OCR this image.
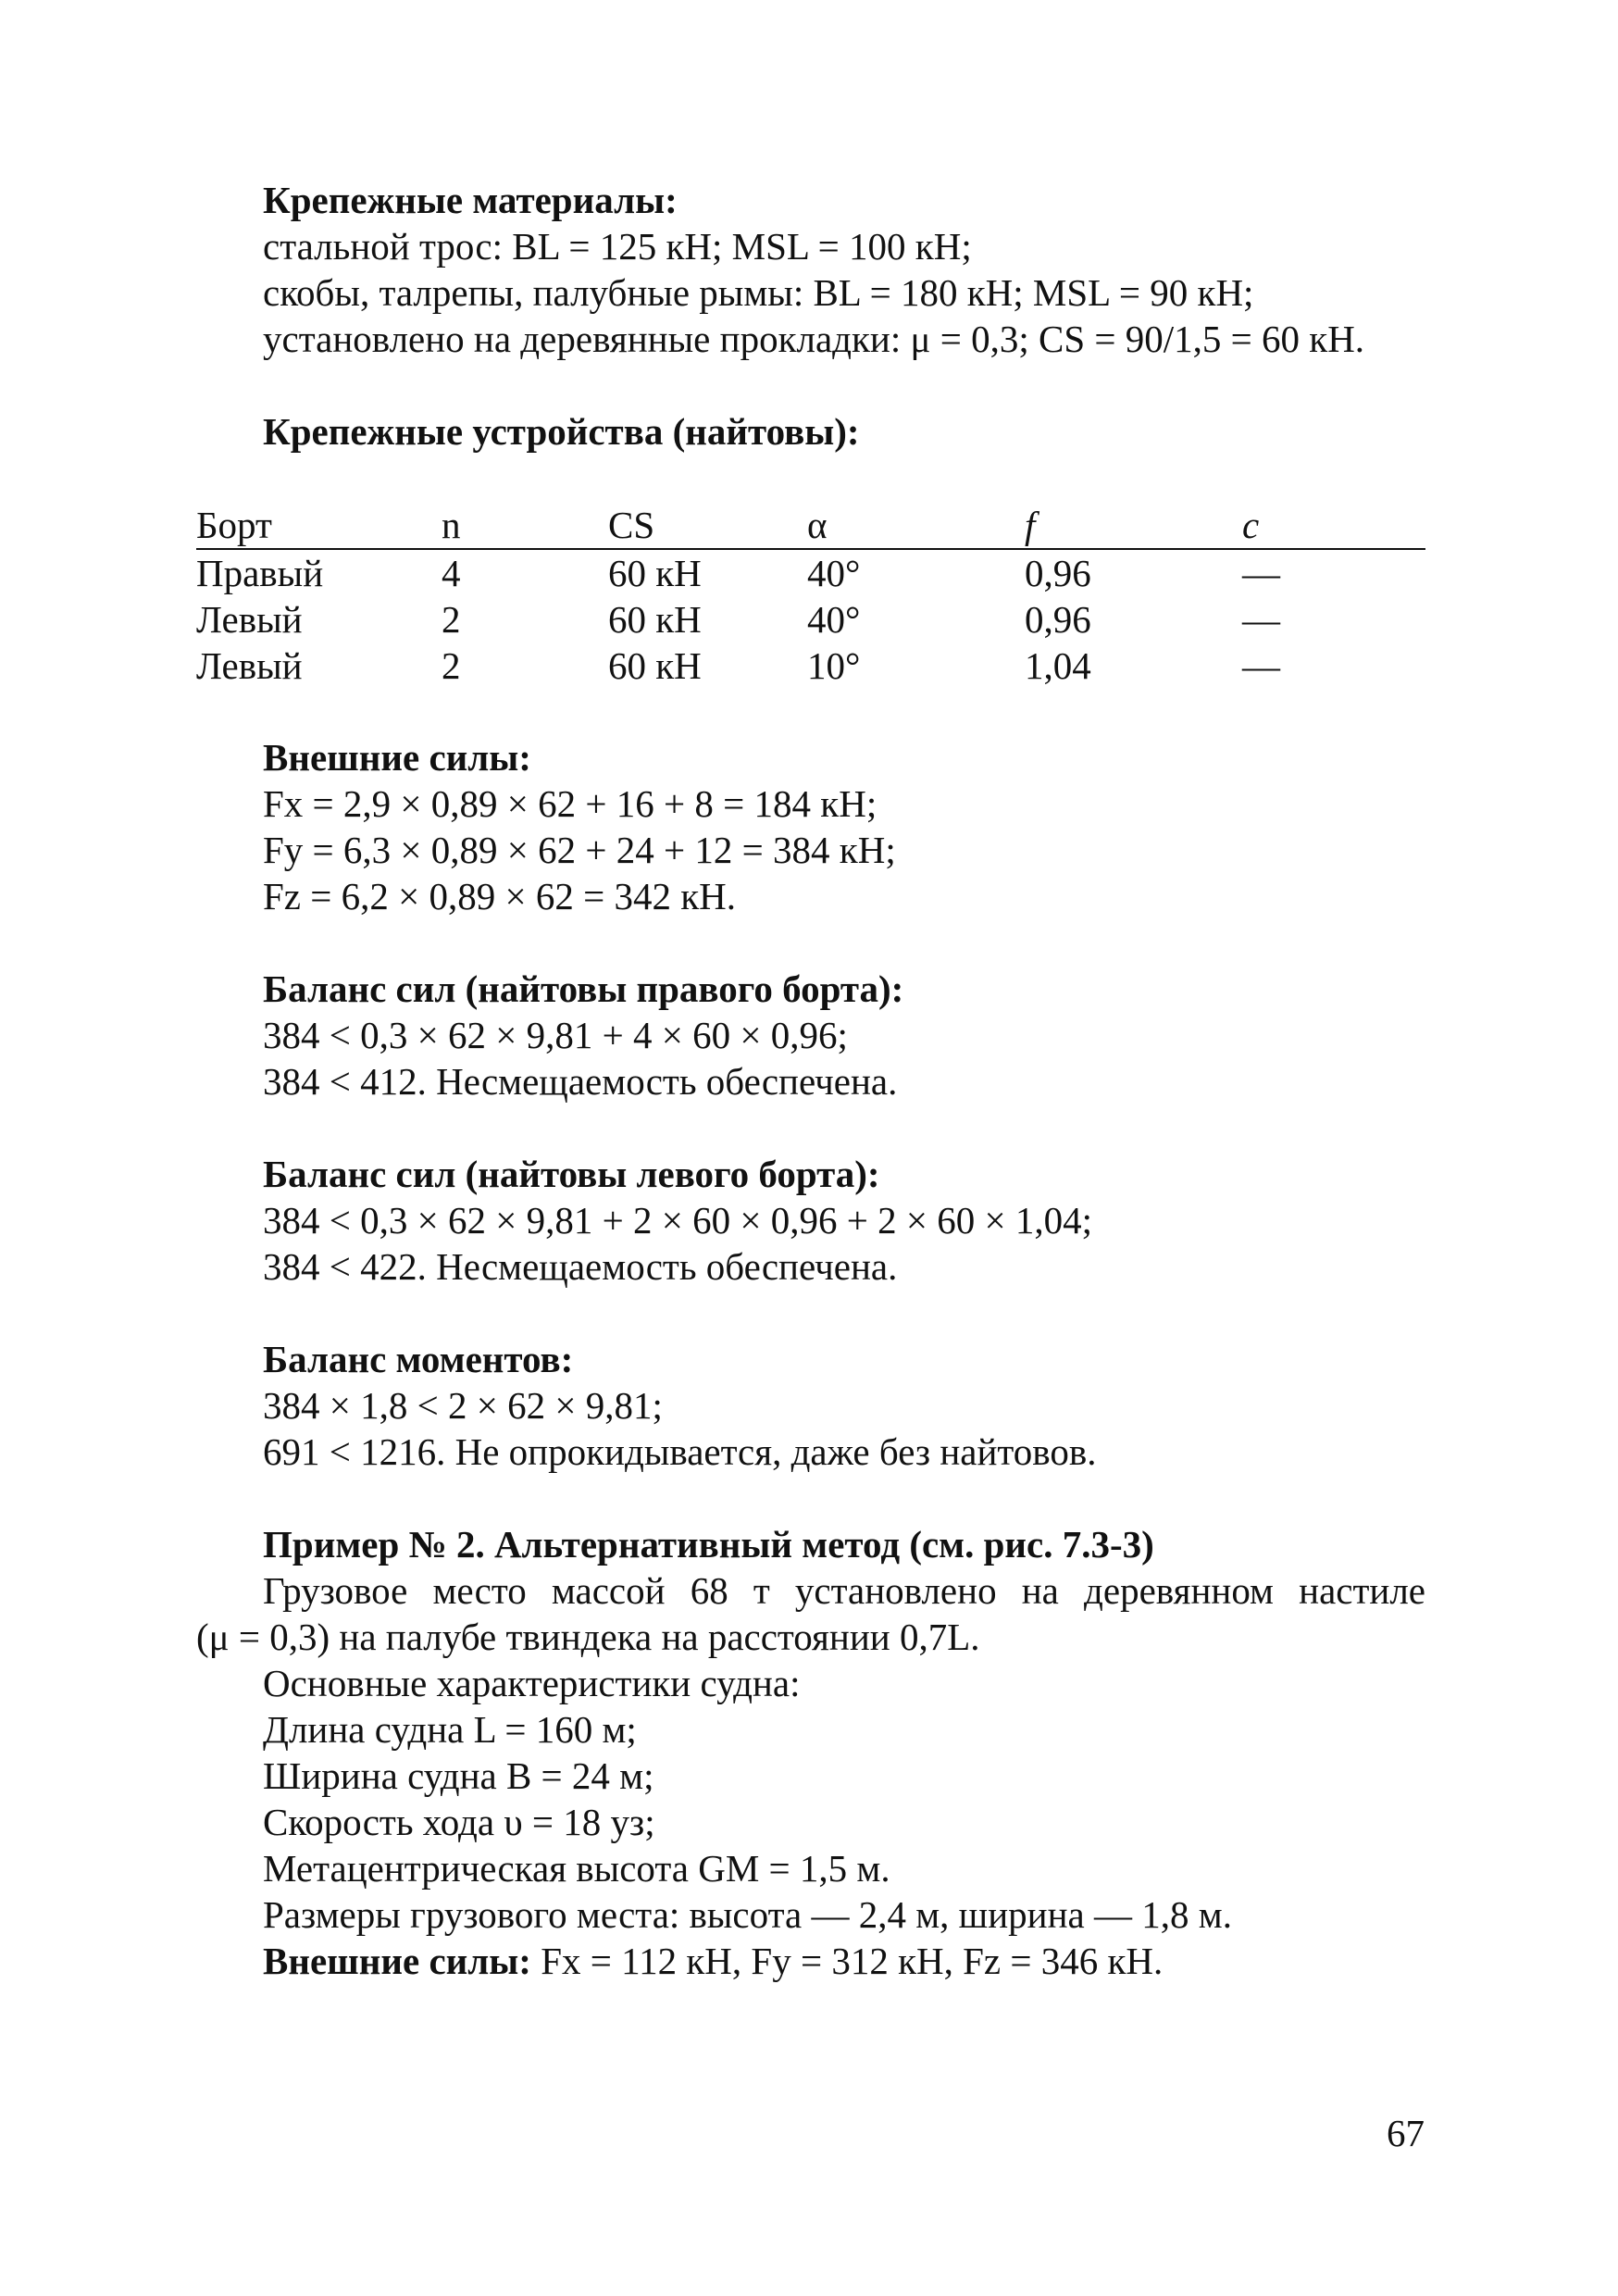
Крепежные материалы:
стальной трос: BL = 125 кН; MSL = 100 кН;
скобы, талрепы, палубные рымы: BL = 180 кН; MSL = 90 кН;
установлено на деревянные прокладки: μ = 0,3; CS = 90/1,5 = 60 кН.
Крепежные устройства (найтовы):
Борт	n	CS	α	f	c
Правый	4	60 кН	40°	0,96	—
Левый	2	60 кН	40°	0,96	—
Левый	2	60 кН	10°	1,04	—
Внешние силы:
Fx = 2,9 × 0,89 × 62 + 16 + 8 = 184 кН;
Fy = 6,3 × 0,89 × 62 + 24 + 12 = 384 кН;
Fz = 6,2 × 0,89 × 62 = 342 кН.
Баланс сил (найтовы правого борта):
384 < 0,3 × 62 × 9,81 + 4 × 60 × 0,96;
384 < 412. Несмещаемость обеспечена.
Баланс сил (найтовы левого борта):
384 < 0,3 × 62 × 9,81 + 2 × 60 × 0,96 + 2 × 60 × 1,04;
384 < 422. Несмещаемость обеспечена.
Баланс моментов:
384 × 1,8 < 2 × 62 × 9,81;
691 < 1216. Не опрокидывается, даже без найтовов.
Пример № 2. Альтернативный метод (см. рис. 7.3-3)
Грузовое место массой 68 т установлено на деревянном настиле
(μ = 0,3) на палубе твиндека на расстоянии 0,7L.
Основные характеристики судна:
Длина судна L = 160 м;
Ширина судна B = 24 м;
Скорость хода υ = 18 уз;
Метацентрическая высота GM = 1,5 м.
Размеры грузового места: высота — 2,4 м, ширина — 1,8 м.
Внешние силы: Fx = 112 кН, Fy = 312 кН, Fz = 346 кН.
67
